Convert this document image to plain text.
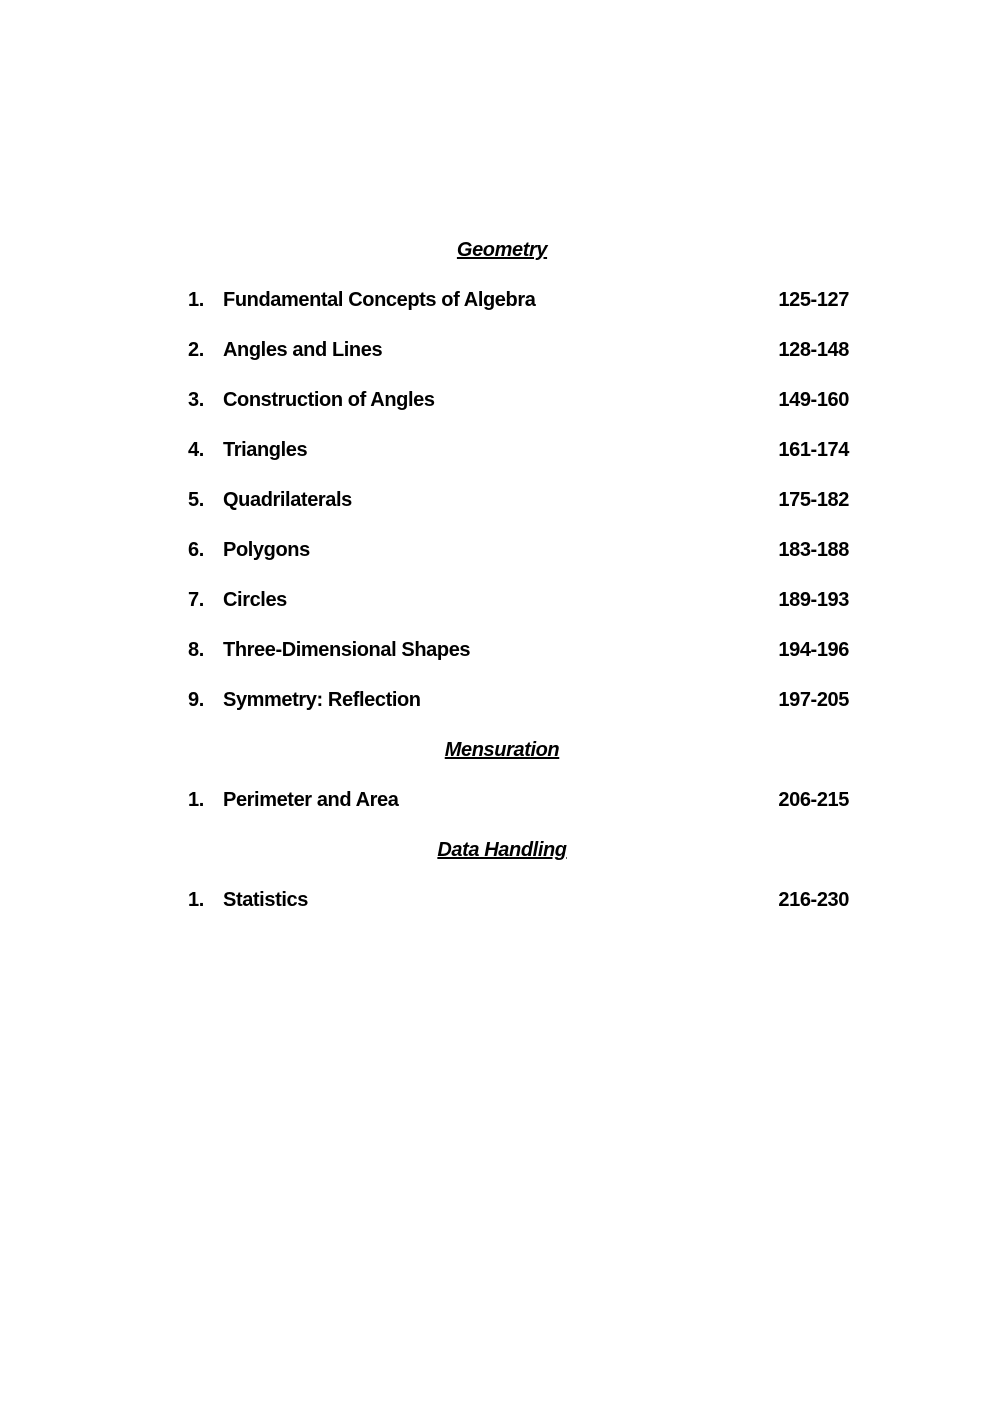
Geometry
1. Fundamental Concepts of Algebra	125-127
2. Angles and Lines	128-148
3. Construction of Angles	149-160
4. Triangles	161-174
5. Quadrilaterals	175-182
6. Polygons	183-188
7. Circles	189-193
8. Three-Dimensional Shapes	194-196
9. Symmetry: Reflection	197-205
Mensuration
1. Perimeter and Area	206-215
Data Handling
1. Statistics	216-230
